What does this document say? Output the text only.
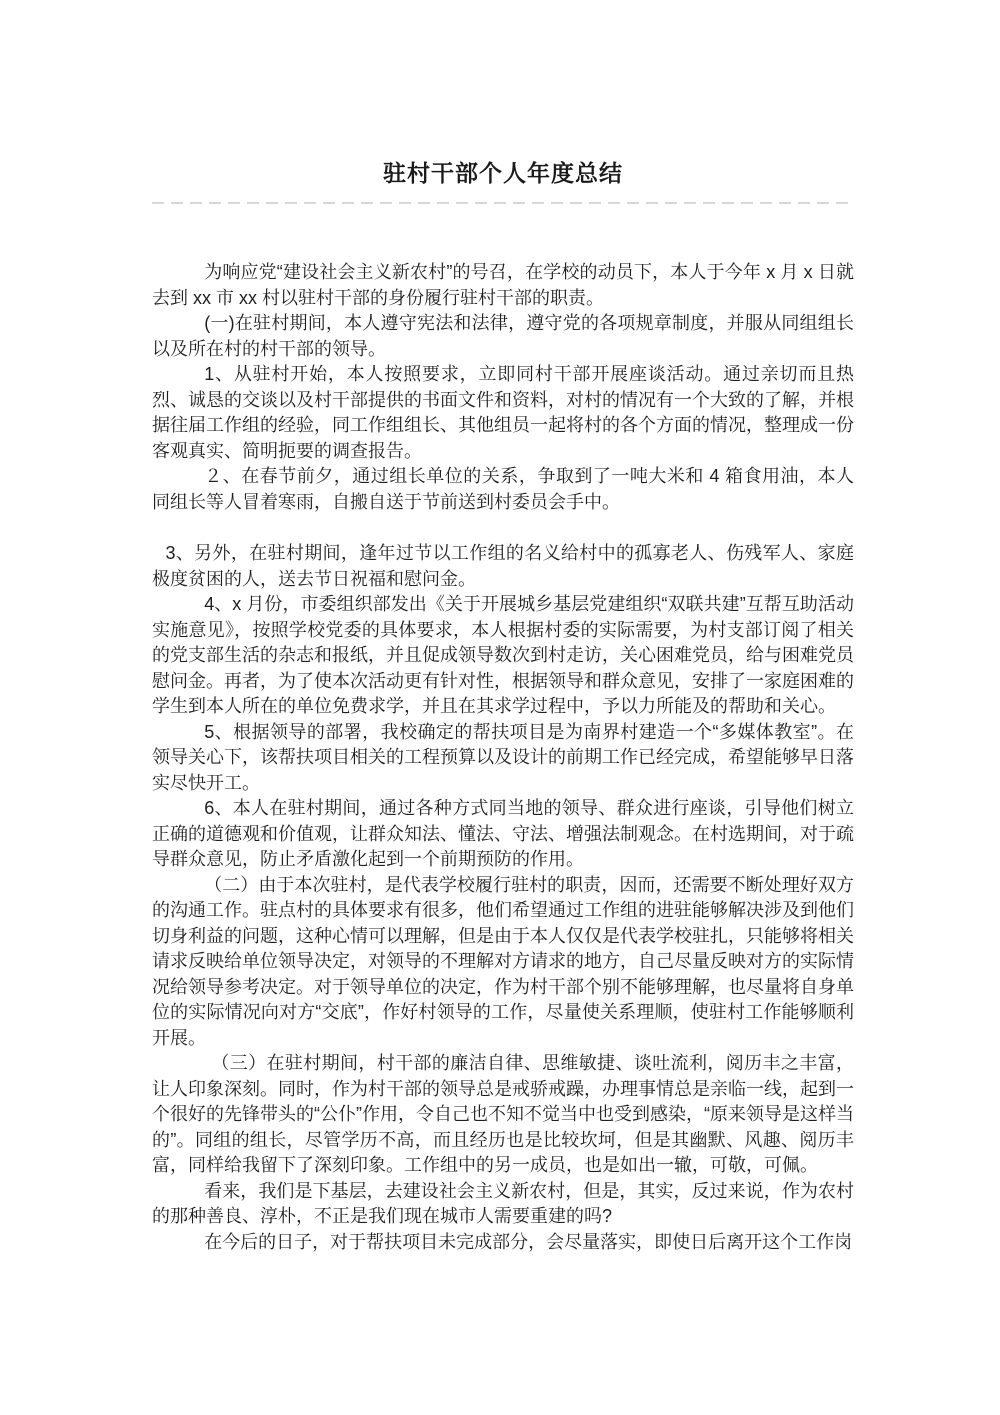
驻村干部个人年度总结

为响应党“建设社会主义新农村”的号召，在学校的动员下，本人于今年 x 月 x 日就去到 xx 市 xx 村以驻村干部的身份履行驻村干部的职责。

(一)在驻村期间，本人遵守宪法和法律，遵守党的各项规章制度，并服从同组组长以及所在村的村干部的领导。

1、从驻村开始，本人按照要求，立即同村干部开展座谈活动。通过亲切而且热烈、诚恳的交谈以及村干部提供的书面文件和资料，对村的情况有一个大致的了解，并根据往届工作组的经验，同工作组组长、其他组员一起将村的各个方面的情况，整理成一份客观真实、简明扼要的调查报告。

２、在春节前夕，通过组长单位的关系，争取到了一吨大米和 4 箱食用油，本人同组长等人冒着寒雨，自搬自送于节前送到村委员会手中。

3、另外，在驻村期间，逢年过节以工作组的名义给村中的孤寡老人、伤残军人、家庭极度贫困的人，送去节日祝福和慰问金。

4、x 月份，市委组织部发出《关于开展城乡基层党建组织“双联共建”互帮互助活动实施意见》，按照学校党委的具体要求，本人根据村委的实际需要，为村支部订阅了相关的党支部生活的杂志和报纸，并且促成领导数次到村走访，关心困难党员，给与困难党员慰问金。再者，为了使本次活动更有针对性，根据领导和群众意见，安排了一家庭困难的学生到本人所在的单位免费求学，并且在其求学过程中，予以力所能及的帮助和关心。

5、根据领导的部署，我校确定的帮扶项目是为南界村建造一个“多媒体教室”。在领导关心下，该帮扶项目相关的工程预算以及设计的前期工作已经完成，希望能够早日落实尽快开工。

6、本人在驻村期间，通过各种方式同当地的领导、群众进行座谈，引导他们树立正确的道德观和价值观，让群众知法、懂法、守法、增强法制观念。在村选期间，对于疏导群众意见，防止矛盾激化起到一个前期预防的作用。

（二）由于本次驻村，是代表学校履行驻村的职责，因而，还需要不断处理好双方的沟通工作。驻点村的具体要求有很多，他们希望通过工作组的进驻能够解决涉及到他们切身利益的问题，这种心情可以理解，但是由于本人仅仅是代表学校驻扎，只能够将相关请求反映给单位领导决定，对领导的不理解对方请求的地方，自己尽量反映对方的实际情况给领导参考决定。对于领导单位的决定，作为村干部个别不能够理解，也尽量将自身单位的实际情况向对方“交底”，作好村领导的工作，尽量使关系理顺，使驻村工作能够顺利开展。

（三）在驻村期间，村干部的廉洁自律、思维敏捷、谈吐流利，阅历丰之丰富，让人印象深刻。同时，作为村干部的领导总是戒骄戒躁，办理事情总是亲临一线，起到一个很好的先锋带头的“公仆”作用，令自己也不知不觉当中也受到感染，“原来领导是这样当的”。同组的组长，尽管学历不高，而且经历也是比较坎坷，但是其幽默、风趣、阅历丰富，同样给我留下了深刻印象。工作组中的另一成员，也是如出一辙，可敬，可佩。

看来，我们是下基层，去建设社会主义新农村，但是，其实，反过来说，作为农村的那种善良、淳朴，不正是我们现在城市人需要重建的吗?

在今后的日子，对于帮扶项目未完成部分，会尽量落实，即使日后离开这个工作岗
